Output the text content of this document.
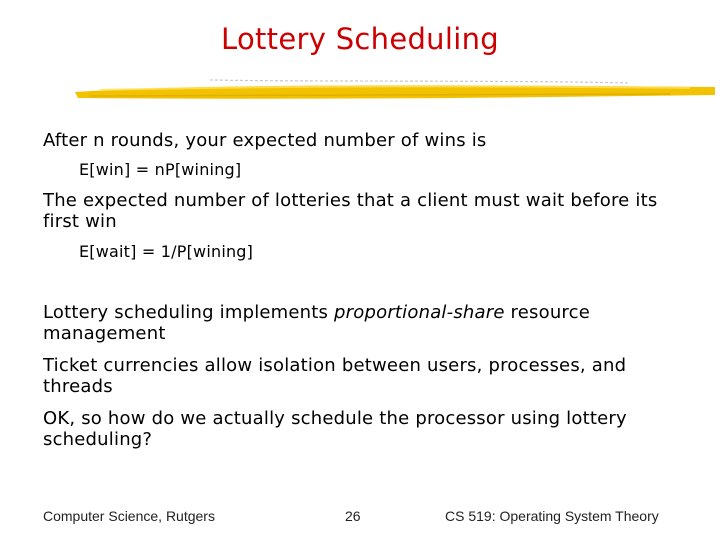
Lottery Scheduling
After n rounds, your expected number of wins is
E[win] = nP[wining]
The expected number of lotteries that a client must wait before its first win
E[wait] = 1/P[wining]
Lottery scheduling implements proportional-share resource management
Ticket currencies allow isolation between users, processes, and threads
OK, so how do we actually schedule the processor using lottery scheduling?
Computer Science, Rutgers	26	CS 519: Operating System Theory
